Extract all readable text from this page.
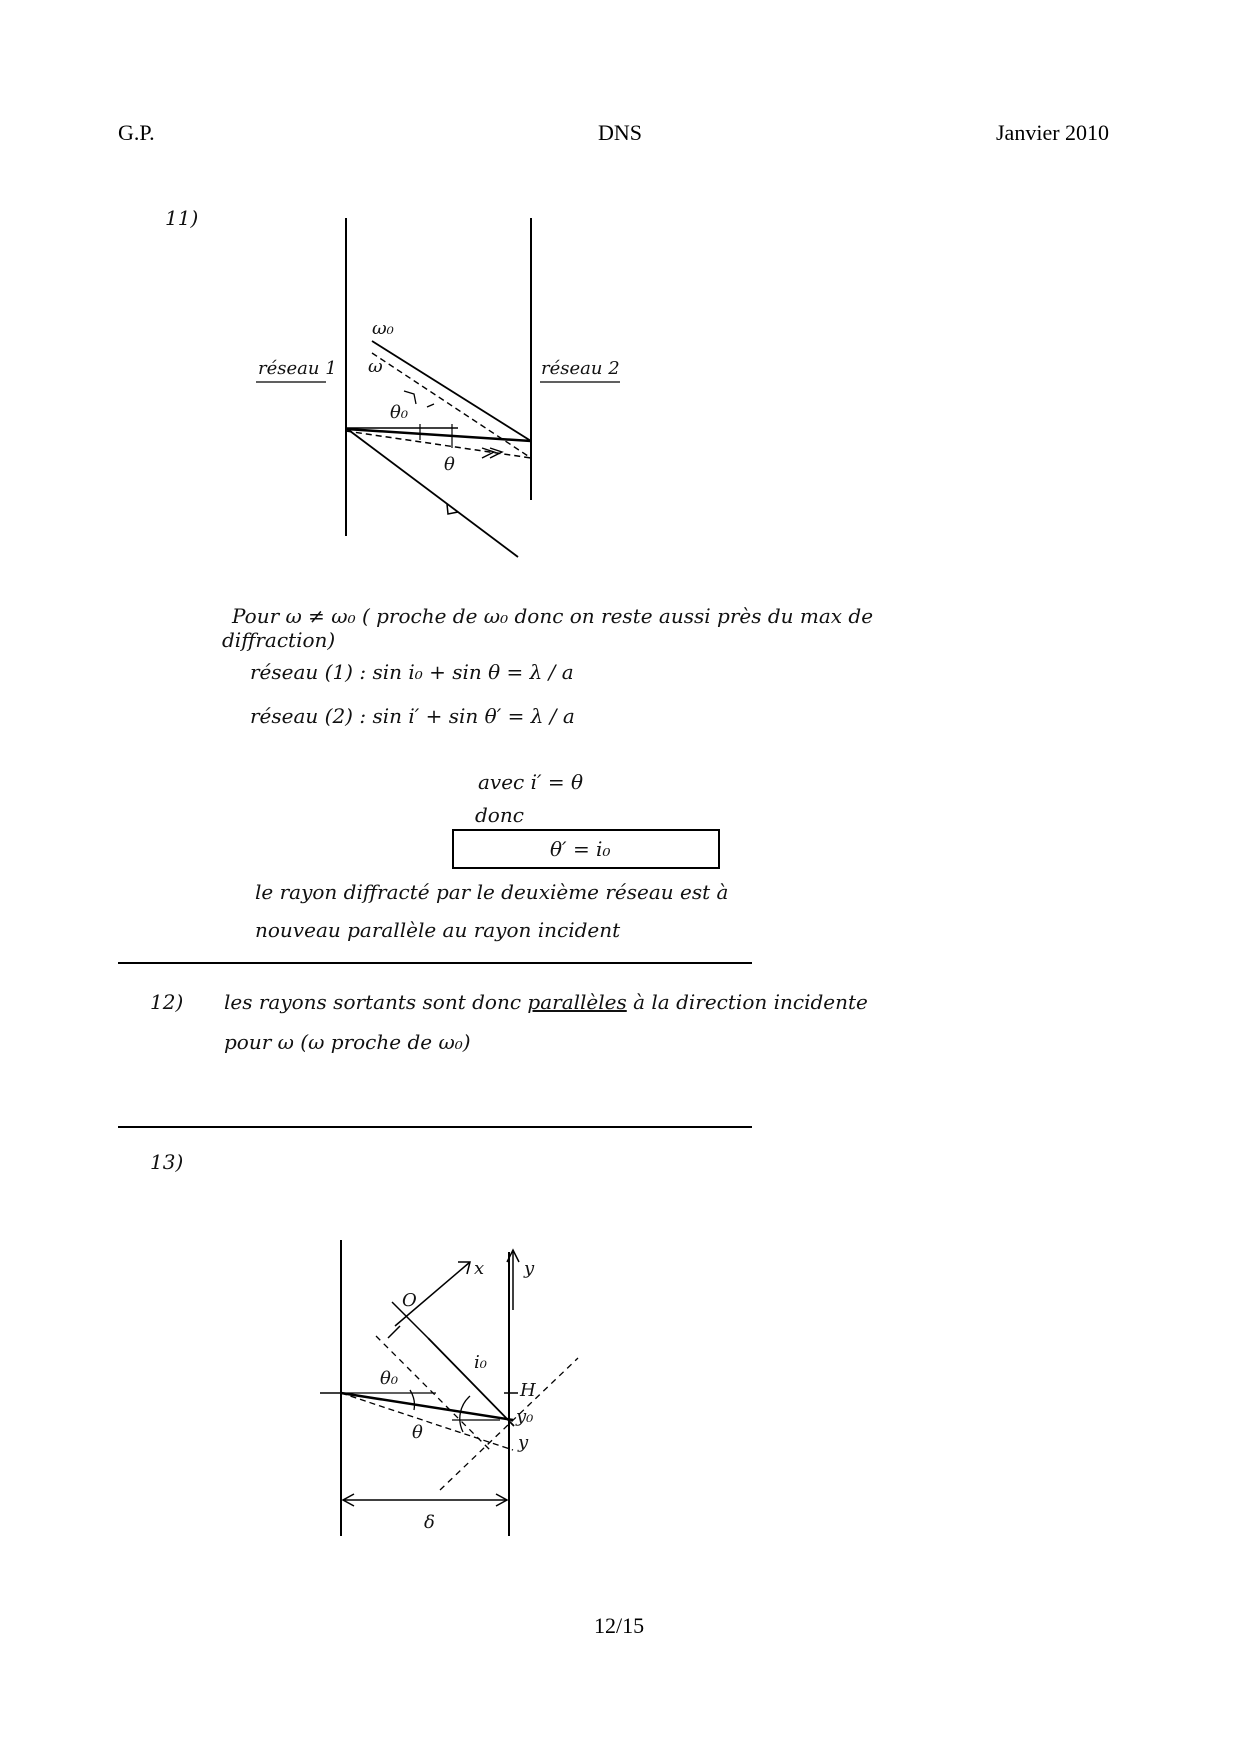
G.P.	DNS	Janvier 2010
11)
réseau 1	réseau 2
ω₀
ω
θ₀
θ
Pour ω ≠ ω₀ ( proche de ω₀ donc on reste aussi près du max de
diffraction)
réseau (1) : sin i₀ + sin θ = λ / a
réseau (2) : sin i′ + sin θ′ = λ / a
avec i′ = θ
donc
θ′ = i₀
le rayon diffracté par le deuxième réseau est à
nouveau parallèle au rayon incident
12) les rayons sortants sont donc parallèles à la direction incidente
pour ω (ω proche de ω₀)
13)
x y
O
H
i₀
θ₀
θ
y₀
y
δ
12/15
